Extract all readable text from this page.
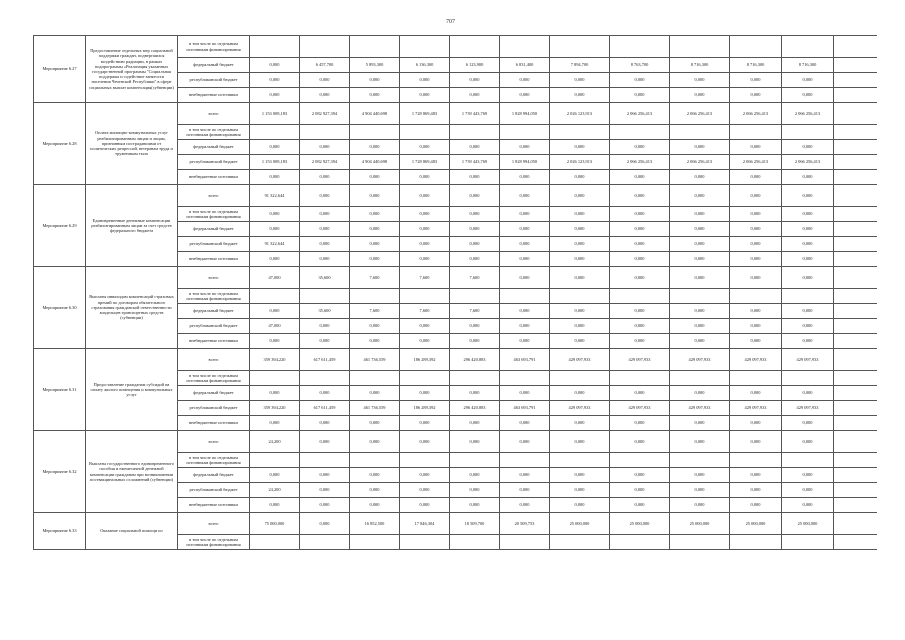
707
Мероприятие 6.27	Предоставление отдельных мер социальной поддержки граждан, подвергшихся воздействию радиации, в рамках подпрограммы «Реализация указанных государственной программы "Социальная поддержка и содействие занятости населения Чеченской Республики" в сфере социальных выплат компенсация(субвенции)	в том числе по отдельным источникам финансирования												
		федеральный бюджет	0,000	6 457,700	5 893,300	6 136,300	6 123,900	6 831,400	7 894,700	8 763,700	8 716,300	8 716,300	8 716,300	
		республиканский бюджет	0,000	0,000	0,000	0,000	0,000	0,000	0,000	0,000	0,000	0,000	0,000	
		внебюджетные источники	0,000	0,000	0,000	0,000	0,000	0,000	0,000	0,000	0,000	0,000	0,000	
Мероприятие 6.28	Оплата жилищно-коммунальных услуг реабилитированным лицам и лицам, признанным пострадавшими от политических репрессий, ветеранам труда и труженикам тыла	всего	1 153 008,183	2 082 927,394	4 904 440,698	1 728 869,483	1 739 443,769	1 828 994,050	2 026 123,913	2 066 256,413	2 066 256,413	2 066 256,413	2 066 256,413	
		в том числе по отдельным источникам финансирования												
		федеральный бюджет	0,000	0,000	0,000	0,000	0,000	0,000	0,000	0,000	0,000	0,000	0,000	
		республиканский бюджет	1 153 008,183	2 082 927,394	4 904 440,698	1 728 869,483	1 739 443,769	1 828 994,050	2 026 123,913	2 066 256,413	2 066 256,413	2 066 256,413	2 066 256,413	
		внебюджетные источники	0,000	0,000	0,000	0,000	0,000	0,000	0,000	0,000	0,000	0,000	0,000	
Мероприятие 6.29	Единовременные денежные компенсации реабилитированным лицам за счет средств федерального бюджета	всего	91 322,644	0,000	0,000	0,000	0,000	0,000	0,000	0,000	0,000	0,000	0,000	
		в том числе по отдельным источникам финансирования	0,000	0,000	0,000	0,000	0,000	0,000	0,000	0,000	0,000	0,000	0,000	
		федеральный бюджет	0,000	0,000	0,000	0,000	0,000	0,000	0,000	0,000	0,000	0,000	0,000	
		республиканский бюджет	91 322,644	0,000	0,000	0,000	0,000	0,000	0,000	0,000	0,000	0,000	0,000	
		внебюджетные источники	0,000	0,000	0,000	0,000	0,000	0,000	0,000	0,000	0,000	0,000	0,000	
Мероприятие 6.30	Выплаты инвалидам компенсаций страховых премий по договорам обязательного страхования гражданской ответственности владельцев транспортных средств (субвенции)	всего	47,000	35,600	7,600	7,600	7,600	0,000	0,000	0,000	0,000	0,000	0,000	
		в том числе по отдельным источникам финансирования												
		федеральный бюджет	0,000	35,600	7,600	7,600	7,600	0,000	0,000	0,000	0,000	0,000	0,000	
		республиканский бюджет	47,000	0,000	0,000	0,000	0,000	0,000	0,000	0,000	0,000	0,000	0,000	
		внебюджетные источники	0,000	0,000	0,000	0,000	0,000	0,000	0,000	0,000	0,000	0,000	0,000	
Мероприятие 6.31	Предоставление гражданам субсидий на оплату жилого помещения и коммунальных услуг	всего	359 394,220	617 611,459	461 736,559	186 289,392	296 420,883	463 693,791	429 097,933	429 097,933	429 097,933	429 097,933	429 097,933	
		в том числе по отдельным источникам финансирования												
		федеральный бюджет	0,000	0,000	0,000	0,000	0,000	0,000	0,000	0,000	0,000	0,000	0,000	
		республиканский бюджет	359 394,220	617 611,459	461 736,559	186 289,392	296 420,883	463 693,791	429 097,933	429 097,933	429 097,933	429 097,933	429 097,933	
		внебюджетные источники	0,000	0,000	0,000	0,000	0,000	0,000	0,000	0,000	0,000	0,000	0,000	
Мероприятие 6.32	Выплаты государственного единовременного пособия и ежемесячной денежной компенсации гражданам при возникновении поствакцинальных осложнений (субвенции)	всего	24,200	0,000	0,000	0,000	0,000	0,000	0,000	0,000	0,000	0,000	0,000	
		в том числе по отдельным источникам финансирования												
		федеральный бюджет	0,000	0,000	0,000	0,000	0,000	0,000	0,000	0,000	0,000	0,000	0,000	
		республиканский бюджет	24,200	0,000	0,000	0,000	0,000	0,000	0,000	0,000	0,000	0,000	0,000	
		внебюджетные источники	0,000	0,000	0,000	0,000	0,000	0,000	0,000	0,000	0,000	0,000	0,000	
Мероприятие 6.33	Оказание социальной помощи по	всего	75 000,000	0,000	16 852,500	17 846,304	18 509,700	20 509,753	25 000,000	25 000,000	25 000,000	25 000,000	25 000,000	
		в том числе по отдельным источникам финансирования												
